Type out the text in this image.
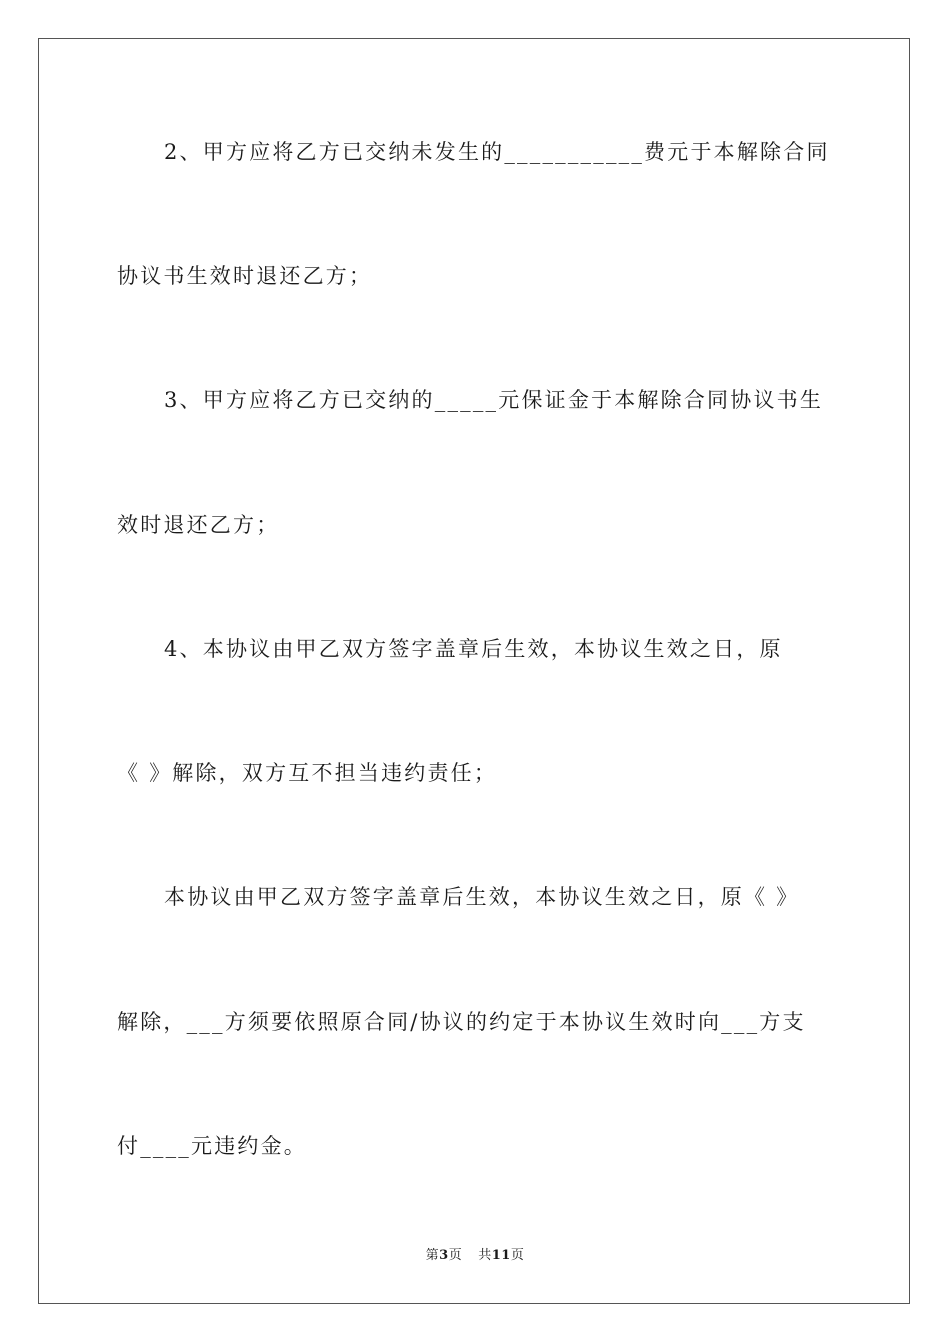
2、甲方应将乙方已交纳未发生的___________费元于本解除合同
协议书生效时退还乙方；
3、甲方应将乙方已交纳的_____元保证金于本解除合同协议书生
效时退还乙方；
4、本协议由甲乙双方签字盖章后生效，本协议生效之日，原
《 》解除，双方互不担当违约责任；
本协议由甲乙双方签字盖章后生效，本协议生效之日，原《 》
解除，___方须要依照原合同/协议的约定于本协议生效时向___方支
付____元违约金。
第3页 共11页
